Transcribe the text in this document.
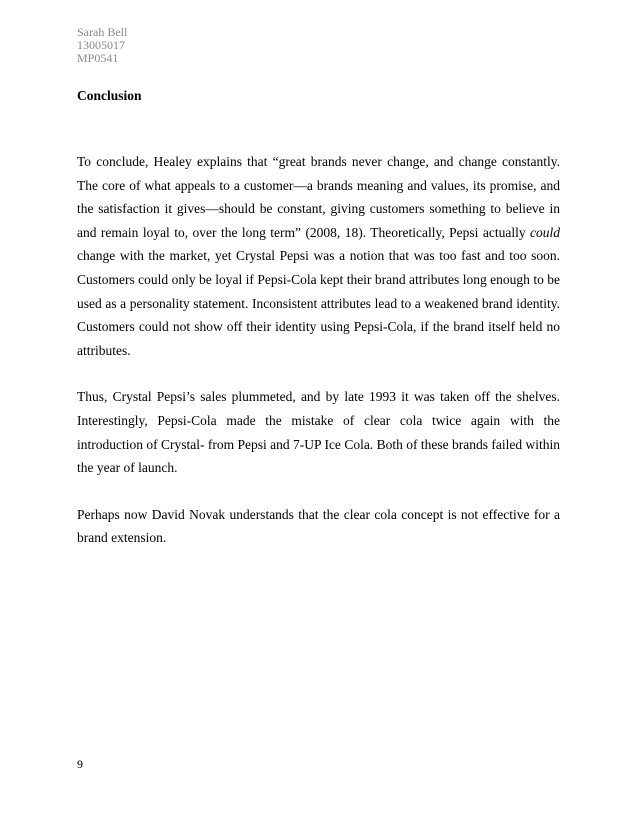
Sarah Bell
13005017
MP0541
Conclusion

To conclude, Healey explains that “great brands never change, and change constantly. The core of what appeals to a customer—a brands meaning and values, its promise, and the satisfaction it gives—should be constant, giving customers something to believe in and remain loyal to, over the long term” (2008, 18). Theoretically, Pepsi actually could change with the market, yet Crystal Pepsi was a notion that was too fast and too soon. Customers could only be loyal if Pepsi-Cola kept their brand attributes long enough to be used as a personality statement. Inconsistent attributes lead to a weakened brand identity. Customers could not show off their identity using Pepsi-Cola, if the brand itself held no attributes.

Thus, Crystal Pepsi’s sales plummeted, and by late 1993 it was taken off the shelves. Interestingly, Pepsi-Cola made the mistake of clear cola twice again with the introduction of Crystal- from Pepsi and 7-UP Ice Cola. Both of these brands failed within the year of launch.

Perhaps now David Novak understands that the clear cola concept is not effective for a brand extension.

9
